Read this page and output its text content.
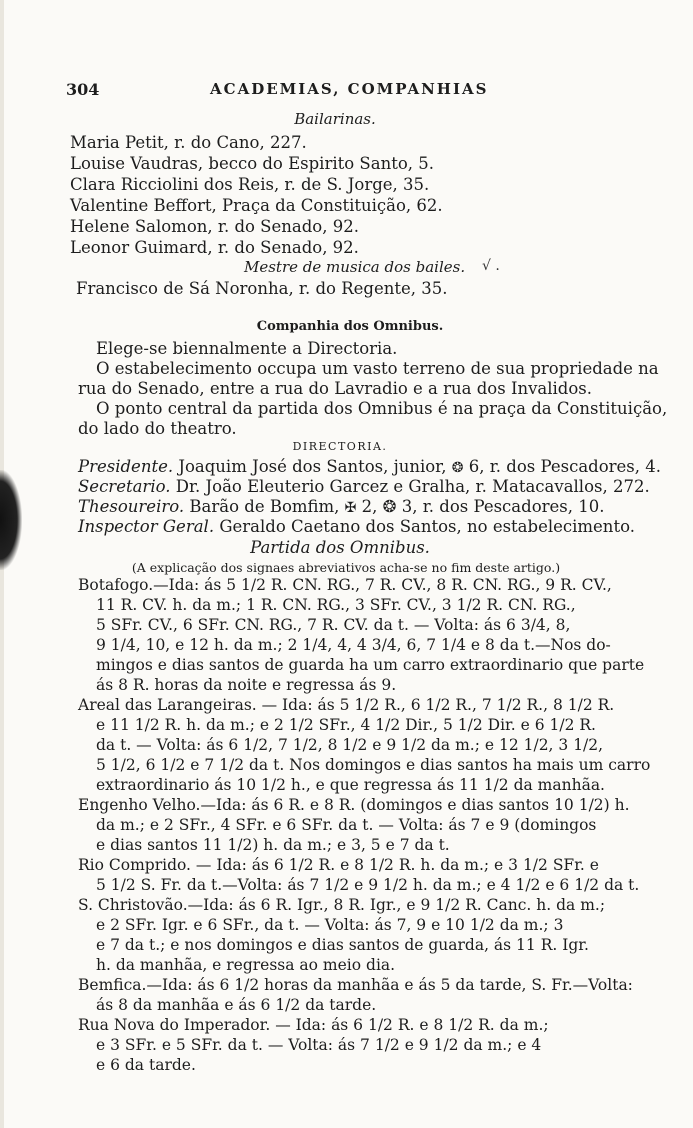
304	ACADEMIAS, COMPANHIAS
Bailarinas.
Maria Petit, r. do Cano, 227.
Louise Vaudras, becco do Espirito Santo, 5.
Clara Ricciolini dos Reis, r. de S. Jorge, 35.
Valentine Beffort, Praça da Constituição, 62.
Helene Salomon, r. do Senado, 92.
Leonor Guimard, r. do Senado, 92.
Mestre de musica dos bailes. √ .
Francisco de Sá Noronha, r. do Regente, 35.
Companhia dos Omnibus.
Elege-se biennalmente a Directoria.
O estabelecimento occupa um vasto terreno de sua propriedade na
rua do Senado, entre a rua do Lavradio e a rua dos Invalidos.
O ponto central da partida dos Omnibus é na praça da Constituição,
do lado do theatro.
DIRECTORIA.
Presidente. Joaquim José dos Santos, junior, ❂ 6, r. dos Pescadores, 4.
Secretario. Dr. João Eleuterio Garcez e Gralha, r. Matacavallos, 272.
Thesoureiro. Barão de Bomfim, ✠ 2, ❂ 3, r. dos Pescadores, 10.
Inspector Geral. Geraldo Caetano dos Santos, no estabelecimento.
Partida dos Omnibus.
(A explicação dos signaes abreviativos acha-se no fim deste artigo.)
Botafogo.—Ida: ás 5 1/2 R. CN. RG., 7 R. CV., 8 R. CN. RG., 9 R. CV.,
11 R. CV. h. da m.; 1 R. CN. RG., 3 SFr. CV., 3 1/2 R. CN. RG.,
5 SFr. CV., 6 SFr. CN. RG., 7 R. CV. da t. — Volta: ás 6 3/4, 8,
9 1/4, 10, e 12 h. da m.; 2 1/4, 4, 4 3/4, 6, 7 1/4 e 8 da t.—Nos do-
mingos e dias santos de guarda ha um carro extraordinario que parte
ás 8 R. horas da noite e regressa ás 9.
Areal das Larangeiras. — Ida: ás 5 1/2 R., 6 1/2 R., 7 1/2 R., 8 1/2 R.
e 11 1/2 R. h. da m.; e 2 1/2 SFr., 4 1/2 Dir., 5 1/2 Dir. e 6 1/2 R.
da t. — Volta: ás 6 1/2, 7 1/2, 8 1/2 e 9 1/2 da m.; e 12 1/2, 3 1/2,
5 1/2, 6 1/2 e 7 1/2 da t. Nos domingos e dias santos ha mais um carro
extraordinario ás 10 1/2 h., e que regressa ás 11 1/2 da manhãa.
Engenho Velho.—Ida: ás 6 R. e 8 R. (domingos e dias santos 10 1/2) h.
da m.; e 2 SFr., 4 SFr. e 6 SFr. da t. — Volta: ás 7 e 9 (domingos
e dias santos 11 1/2) h. da m.; e 3, 5 e 7 da t.
Rio Comprido. — Ida: ás 6 1/2 R. e 8 1/2 R. h. da m.; e 3 1/2 SFr. e
5 1/2 S. Fr. da t.—Volta: ás 7 1/2 e 9 1/2 h. da m.; e 4 1/2 e 6 1/2 da t.
S. Christovão.—Ida: ás 6 R. Igr., 8 R. Igr., e 9 1/2 R. Canc. h. da m.;
e 2 SFr. Igr. e 6 SFr., da t. — Volta: ás 7, 9 e 10 1/2 da m.; 3
e 7 da t.; e nos domingos e dias santos de guarda, ás 11 R. Igr.
h. da manhãa, e regressa ao meio dia.
Bemfica.—Ida: ás 6 1/2 horas da manhãa e ás 5 da tarde, S. Fr.—Volta:
ás 8 da manhãa e ás 6 1/2 da tarde.
Rua Nova do Imperador. — Ida: ás 6 1/2 R. e 8 1/2 R. da m.;
e 3 SFr. e 5 SFr. da t. — Volta: ás 7 1/2 e 9 1/2 da m.; e 4
e 6 da tarde.
